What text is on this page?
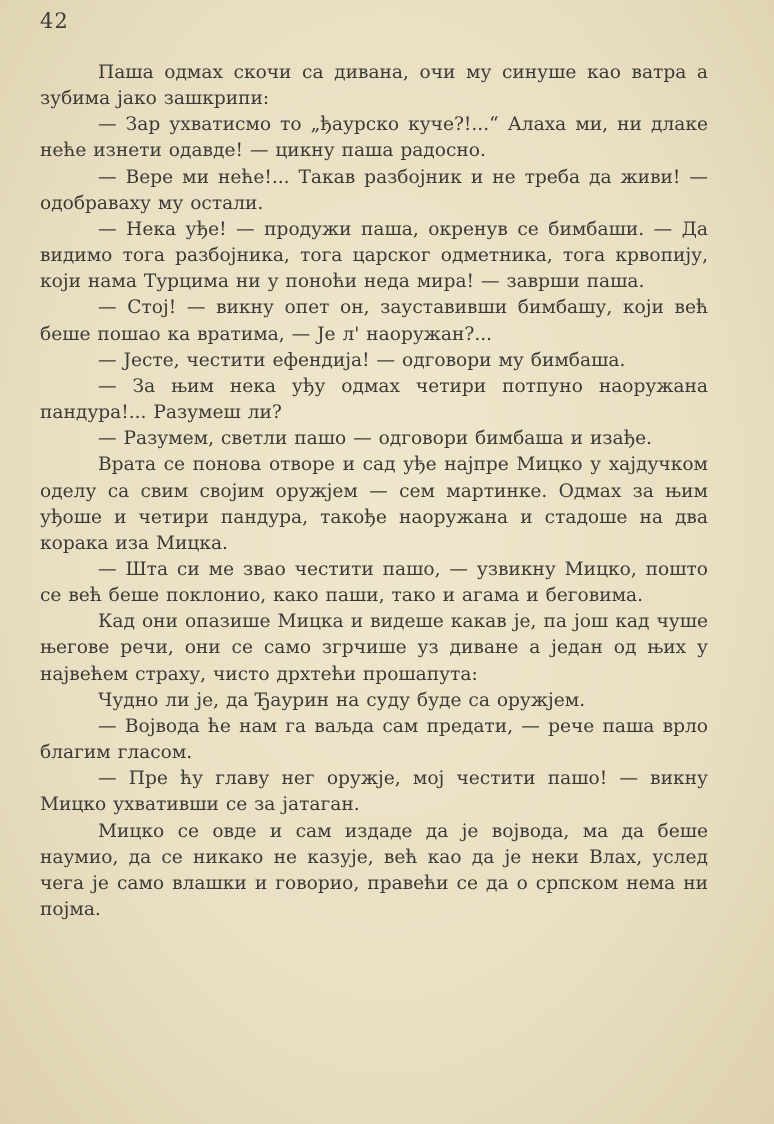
42

Паша одмах скочи са дивана, очи му синуше као ватра а зубима јако зашкрипи:

— Зар ухватисмо то „ђаурско куче?!...“ Алаха ми, ни длаке неће изнети одавде! — цикну паша радосно.

— Вере ми неће!... Такав разбојник и не треба да живи! — одобраваху му остали.

— Нека уђе! — продужи паша, окренув се бимбаши. — Да видимо тога разбојника, тога царског одметника, тога крвопију, који нама Турцима ни у поноћи неда мира! — заврши паша.

— Стој! — викну опет он, зауставивши бимбашу, који већ беше пошао ка вратима, — Је л' наоружан?...

— Јесте, честити ефендија! — одговори му бимбаша.

— За њим нека уђу одмах четири потпуно наоружана пандура!... Разумеш ли?

— Разумем, светли пашо — одговори бимбаша и изађе.

Врата се понова отворе и сад уђе најпре Мицко у хајдучком оделу са свим својим оружјем — сем мартинке. Одмах за њим уђоше и четири пандура, такође наоружана и стадоше на два корака иза Мицка.

— Шта си ме звао честити пашо, — узвикну Мицко, пошто се већ беше поклонио, како паши, тако и агама и беговима.

Кад они опазише Мицка и видеше какав је, па још кад чуше његове речи, они се само згрчише уз диване а један од њих у највећем страху, чисто дрхтећи прошапута:

Чудно ли је, да Ђаурин на суду буде са оружјем.

— Војвода ће нам га ваљда сам предати, — рече паша врло благим гласом.

— Пре ћу главу нег оружје, мој честити пашо! — викну Мицко ухвативши се за јатаган.

Мицко се овде и сам издаде да је војвода, ма да беше наумио, да се никако не казује, већ као да је неки Влах, услед чега је само влашки и говорио, правећи се да о српском нема ни појма.
